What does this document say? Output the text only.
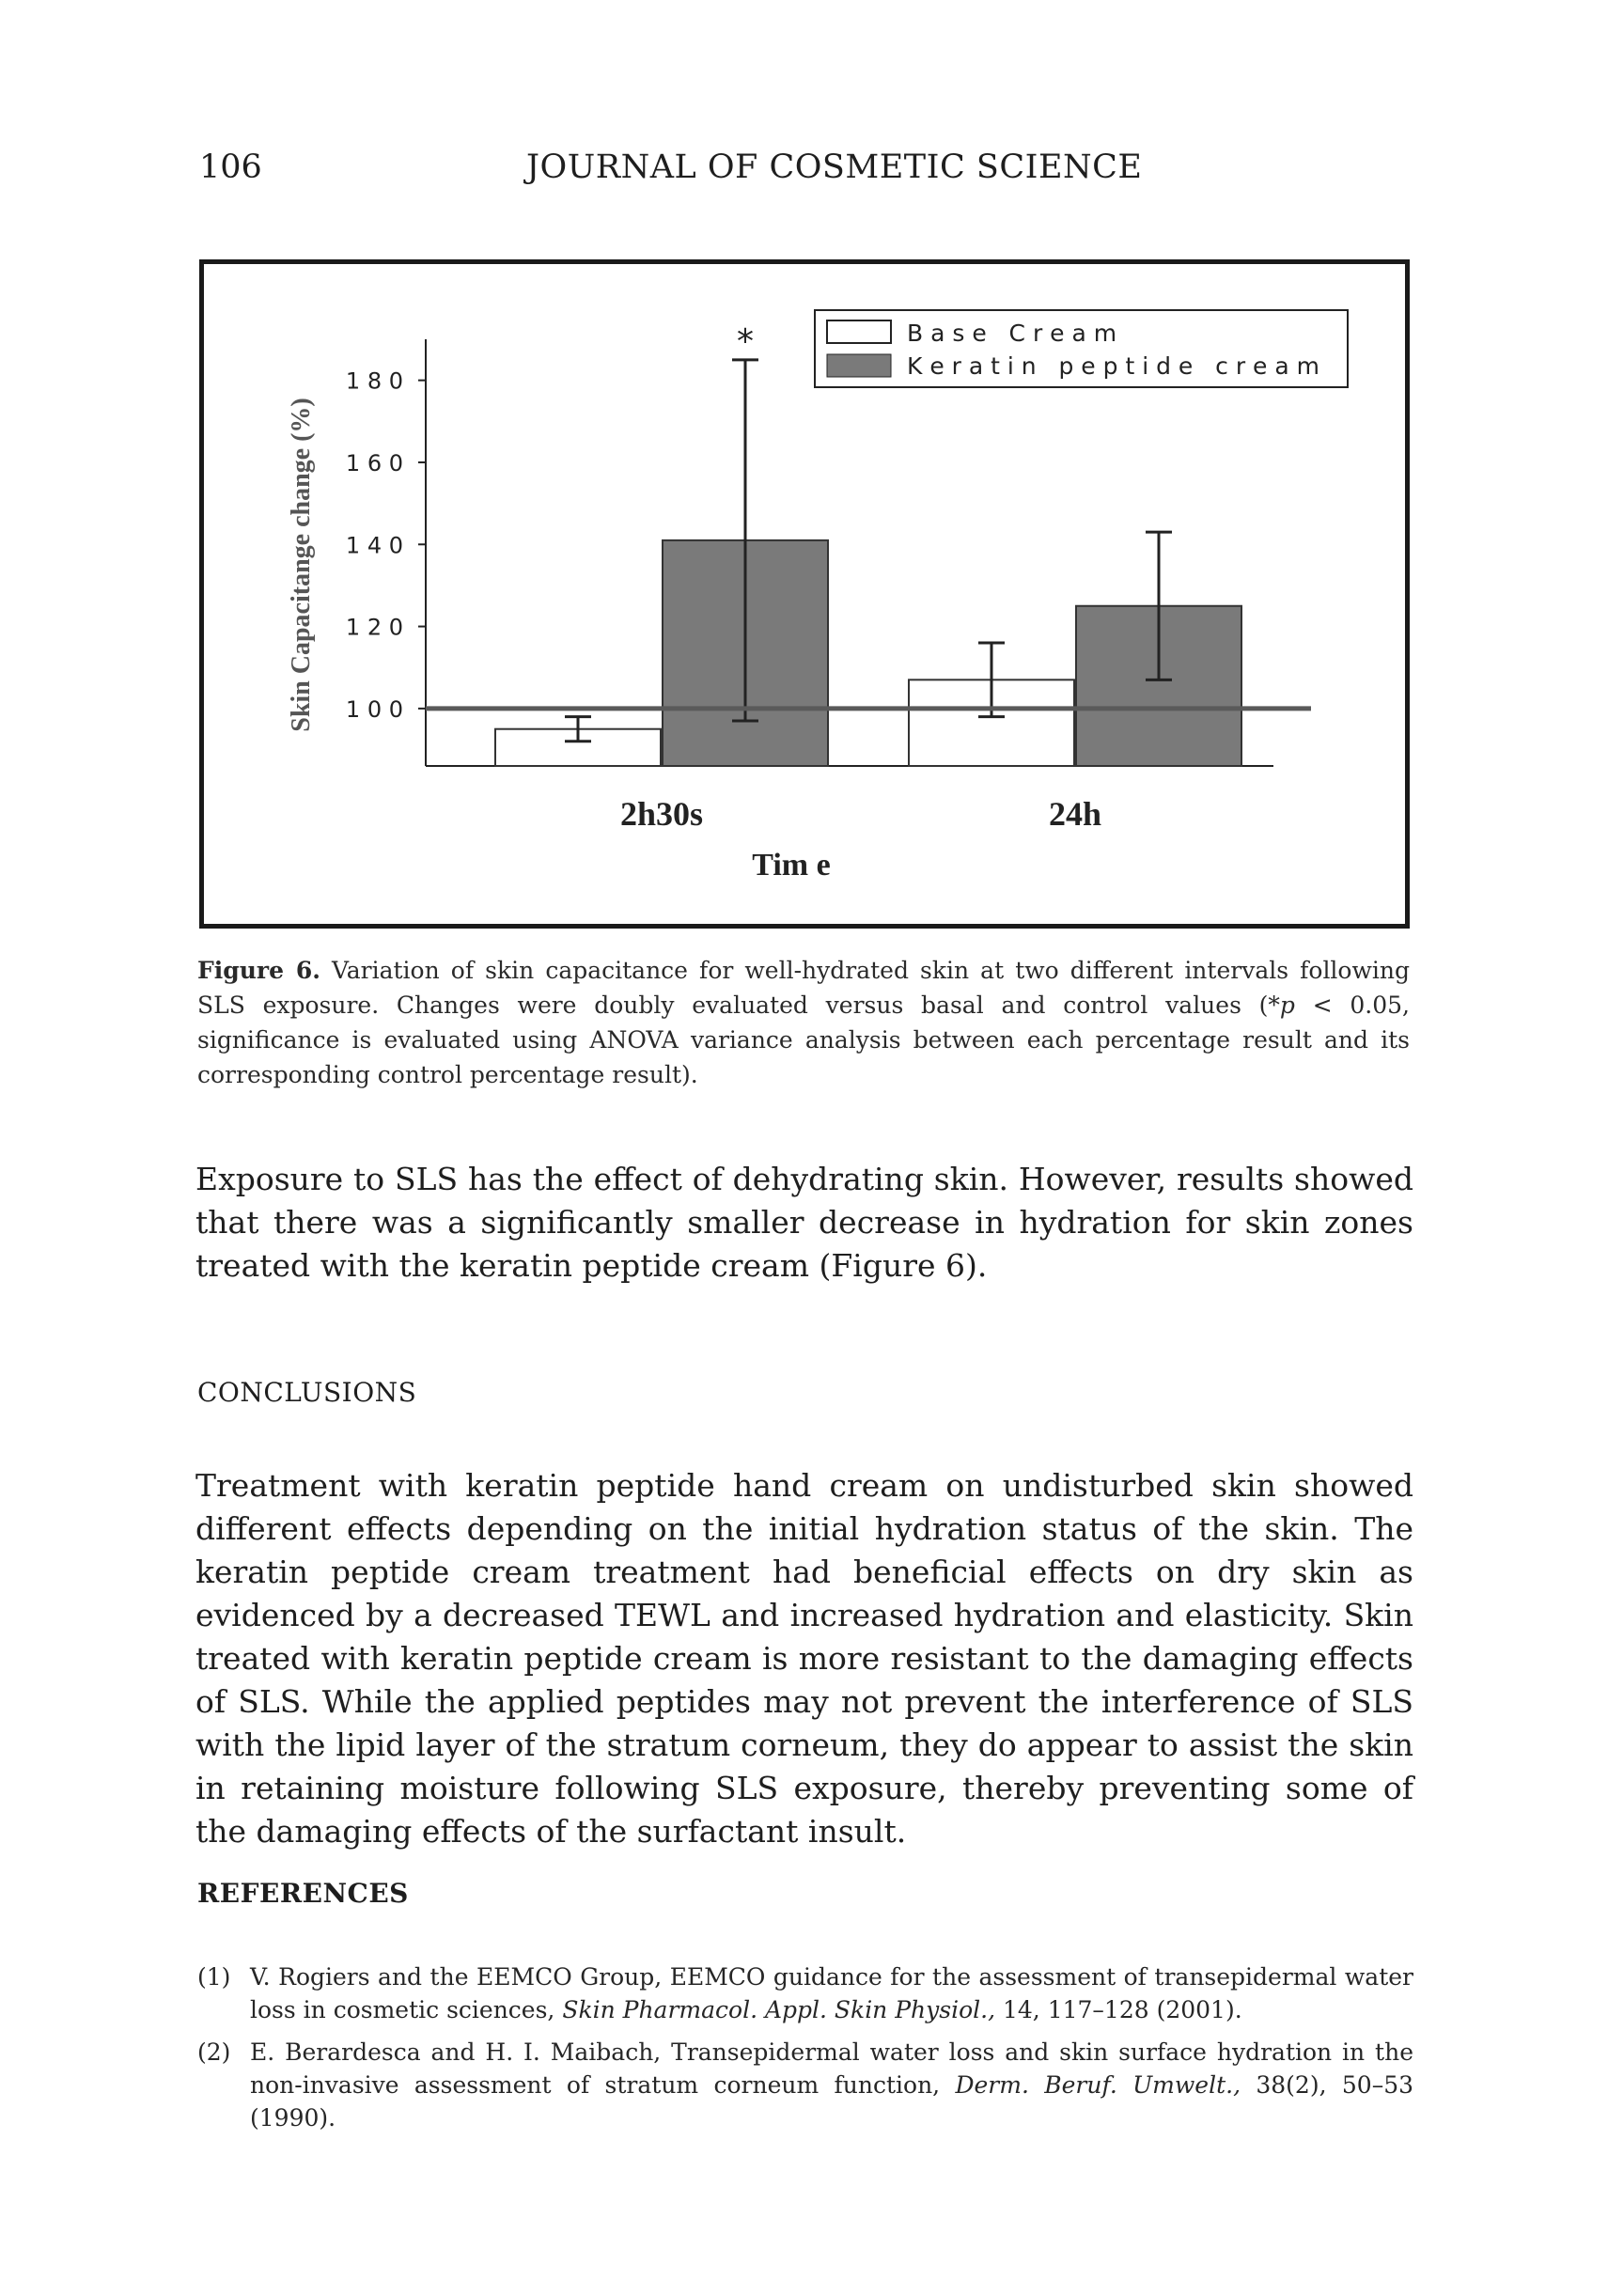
106	JOURNAL OF COSMETIC SCIENCE
Skin Capacitange change (%)
1 8 0
1 6 0
1 4 0
1 2 0
1 0 0
*
2h30s	24h
Tim e
B a s e   C r e a m
K e r a t i n   p e p t i d e   c r e a m
Figure 6. Variation of skin capacitance for well-hydrated skin at two different intervals following SLS exposure. Changes were doubly evaluated versus basal and control values (*p < 0.05, significance is evaluated using ANOVA variance analysis between each percentage result and its corresponding control percentage result).
Exposure to SLS has the effect of dehydrating skin. However, results showed that there was a significantly smaller decrease in hydration for skin zones treated with the keratin peptide cream (Figure 6).
CONCLUSIONS
Treatment with keratin peptide hand cream on undisturbed skin showed different effects depending on the initial hydration status of the skin. The keratin peptide cream treatment had beneficial effects on dry skin as evidenced by a decreased TEWL and increased hydration and elasticity. Skin treated with keratin peptide cream is more resistant to the damaging effects of SLS. While the applied peptides may not prevent the interference of SLS with the lipid layer of the stratum corneum, they do appear to assist the skin in retaining moisture following SLS exposure, thereby preventing some of the damaging effects of the surfactant insult.
REFERENCES
(1) V. Rogiers and the EEMCO Group, EEMCO guidance for the assessment of transepidermal water loss in cosmetic sciences, Skin Pharmacol. Appl. Skin Physiol., 14, 117–128 (2001).
(2) E. Berardesca and H. I. Maibach, Transepidermal water loss and skin surface hydration in the non-invasive assessment of stratum corneum function, Derm. Beruf. Umwelt., 38(2), 50–53 (1990).
